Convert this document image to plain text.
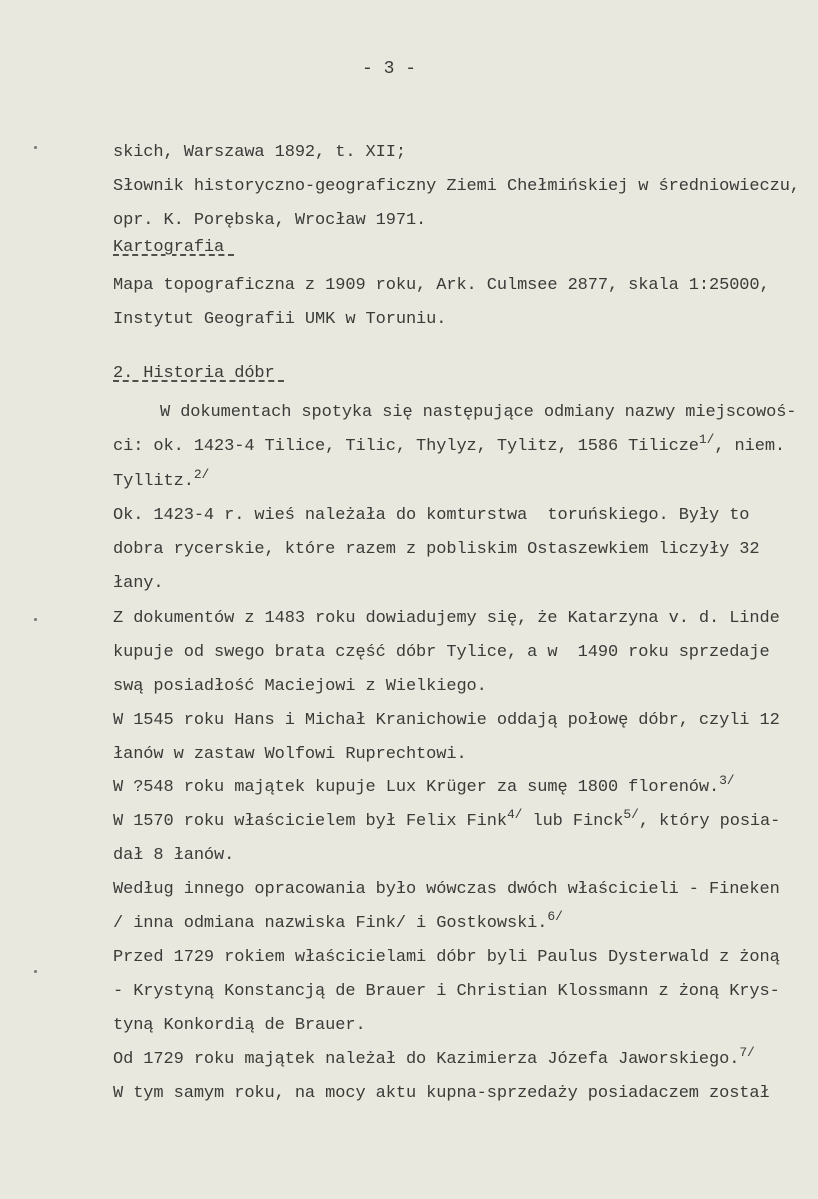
- 3 -
skich, Warszawa 1892, t. XII;
Słownik historyczno-geograficzny Ziemi Chełmińskiej w średniowieczu,
opr. K. Porębska, Wrocław 1971.
Kartografia
Mapa topograficzna z 1909 roku, Ark. Culmsee 2877, skala 1:25000,
Instytut Geografii UMK w Toruniu.
2. Historia dóbr
W dokumentach spotyka się następujące odmiany nazwy miejscowoś-
ci: ok. 1423-4 Tilice, Tilic, Thylyz, Tylitz, 1586 Tilicze$^{1/}$, niem.
Tyllitz.$^{2/}$
Ok. 1423-4 r. wieś należała do komturstwa  toruńskiego. Były to
dobra rycerskie, które razem z pobliskim Ostaszewkiem liczyły 32
łany.
Z dokumentów z 1483 roku dowiadujemy się, że Katarzyna v. d. Linde
kupuje od swego brata część dóbr Tylice, a w  1490 roku sprzedaje
swą posiadłość Maciejowi z Wielkiego.
W 1545 roku Hans i Michał Kranichowie oddają połowę dóbr, czyli 12
łanów w zastaw Wolfowi Ruprechtowi.
W ?548 roku majątek kupuje Lux Krüger za sumę 1800 florenów.$^{3/}$
W 1570 roku właścicielem był Felix Fink$^{4/}$ lub Finck$^{5/}$, który posia-
dał 8 łanów.
Według innego opracowania było wówczas dwóch właścicieli - Fineken
/ inna odmiana nazwiska Fink/ i Gostkowski.$^{6/}$
Przed 1729 rokiem właścicielami dóbr byli Paulus Dysterwald z żoną
- Krystyną Konstancją de Brauer i Christian Klossmann z żoną Krys-
tyną Konkordią de Brauer.
Od 1729 roku majątek należał do Kazimierza Józefa Jaworskiego.$^{7/}$
W tym samym roku, na mocy aktu kupna-sprzedaży posiadaczem został
